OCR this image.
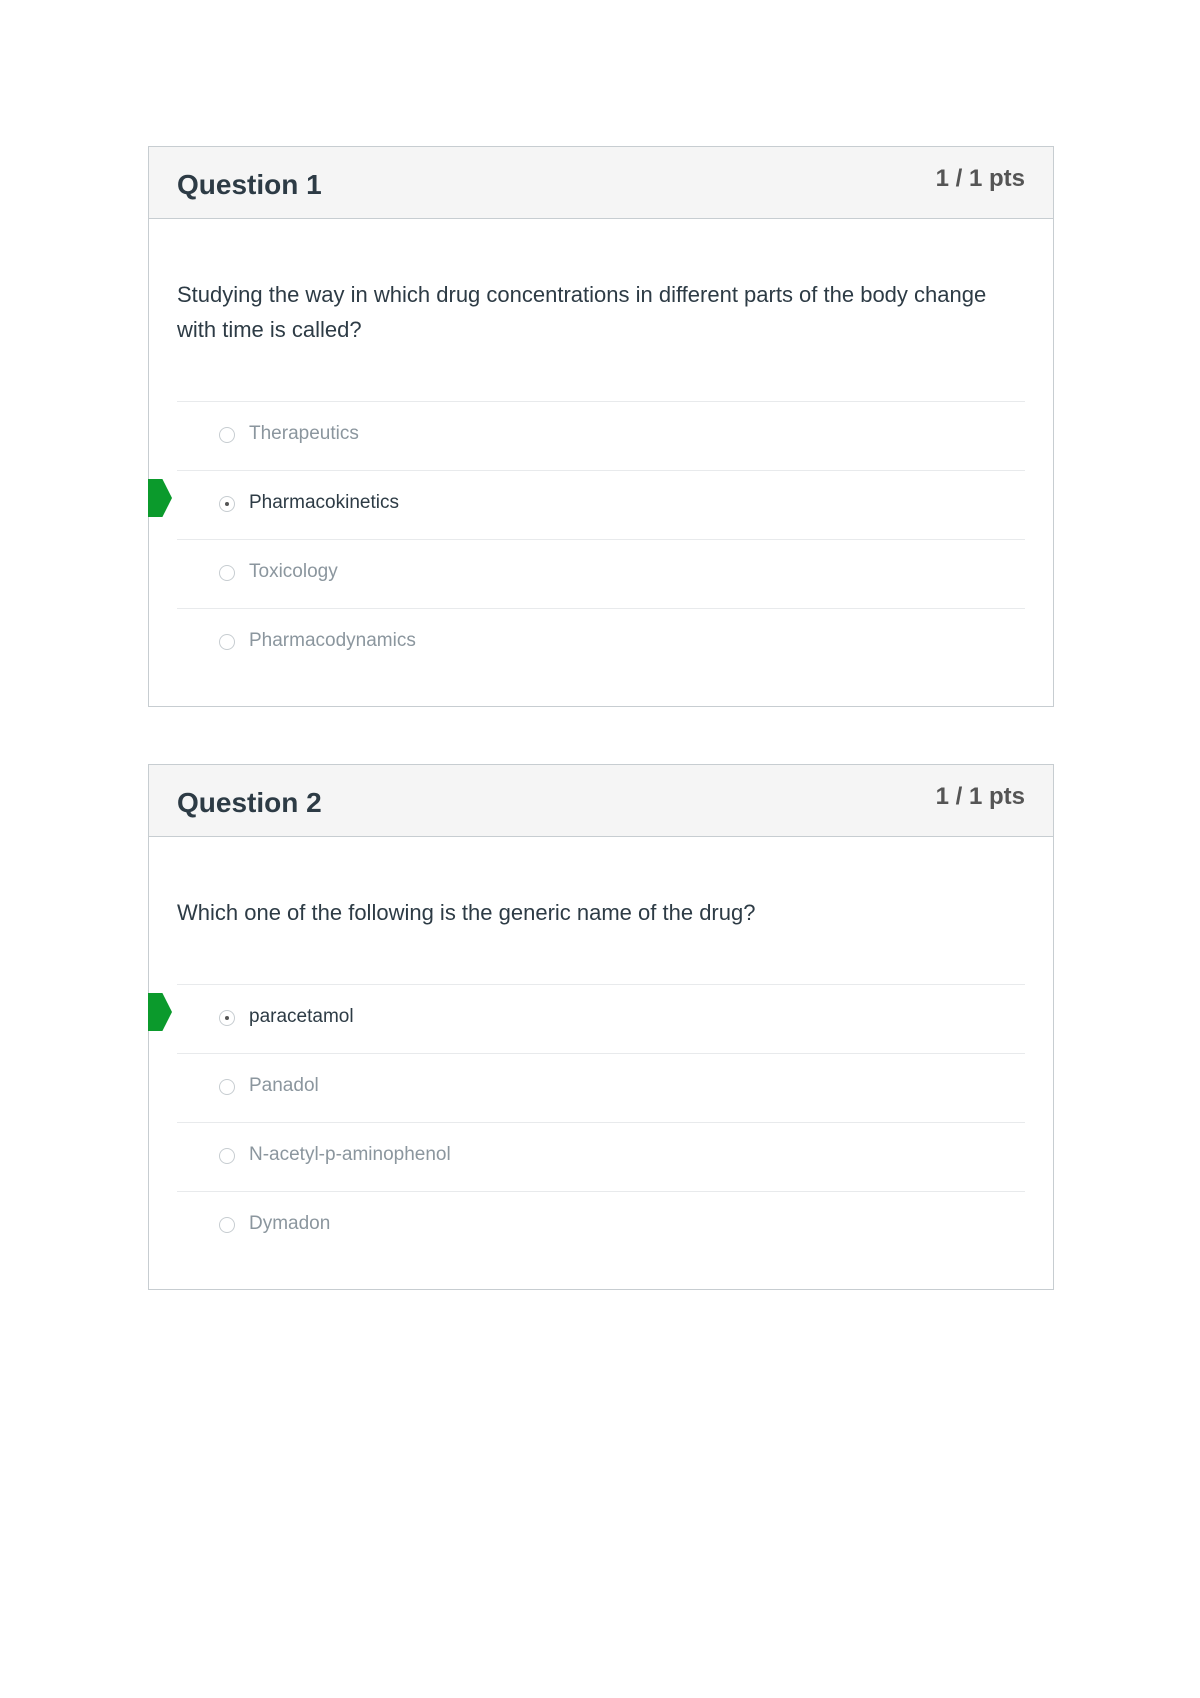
Question 1	1 / 1 pts

Studying the way in which drug concentrations in different parts of the body change with time is called?

Therapeutics
Pharmacokinetics
Toxicology
Pharmacodynamics
Question 2	1 / 1 pts

Which one of the following is the generic name of the drug?

paracetamol
Panadol
N-acetyl-p-aminophenol
Dymadon
